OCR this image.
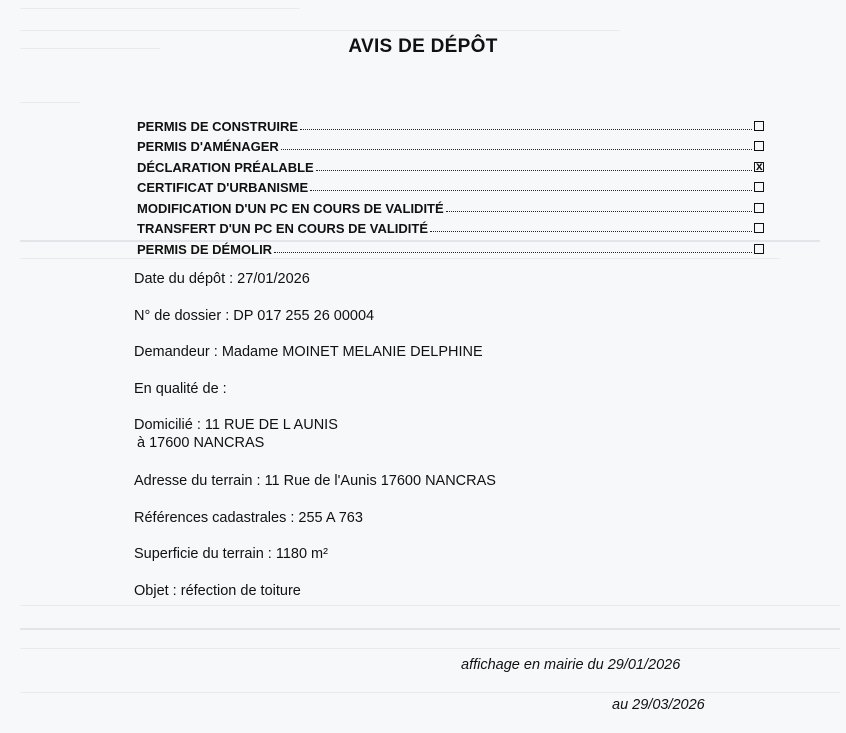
AVIS DE DÉPÔT
PERMIS DE CONSTRUIRE
PERMIS D'AMÉNAGER
DÉCLARATION PRÉALABLE
x
CERTIFICAT D'URBANISME
MODIFICATION D'UN PC EN COURS DE VALIDITÉ
TRANSFERT D'UN PC EN COURS DE VALIDITÉ
PERMIS DE DÉMOLIR
Date du dépôt : 27/01/2026
N° de dossier : DP 017 255 26 00004
Demandeur : Madame MOINET MELANIE DELPHINE
En qualité de :
Domicilié : 11 RUE DE L AUNIS
à 17600 NANCRAS
Adresse du terrain : 11 Rue de l'Aunis 17600 NANCRAS
Références cadastrales : 255 A 763
Superficie du terrain : 1180 m²
Objet : réfection de toiture
affichage en mairie du 29/01/2026
au 29/03/2026
